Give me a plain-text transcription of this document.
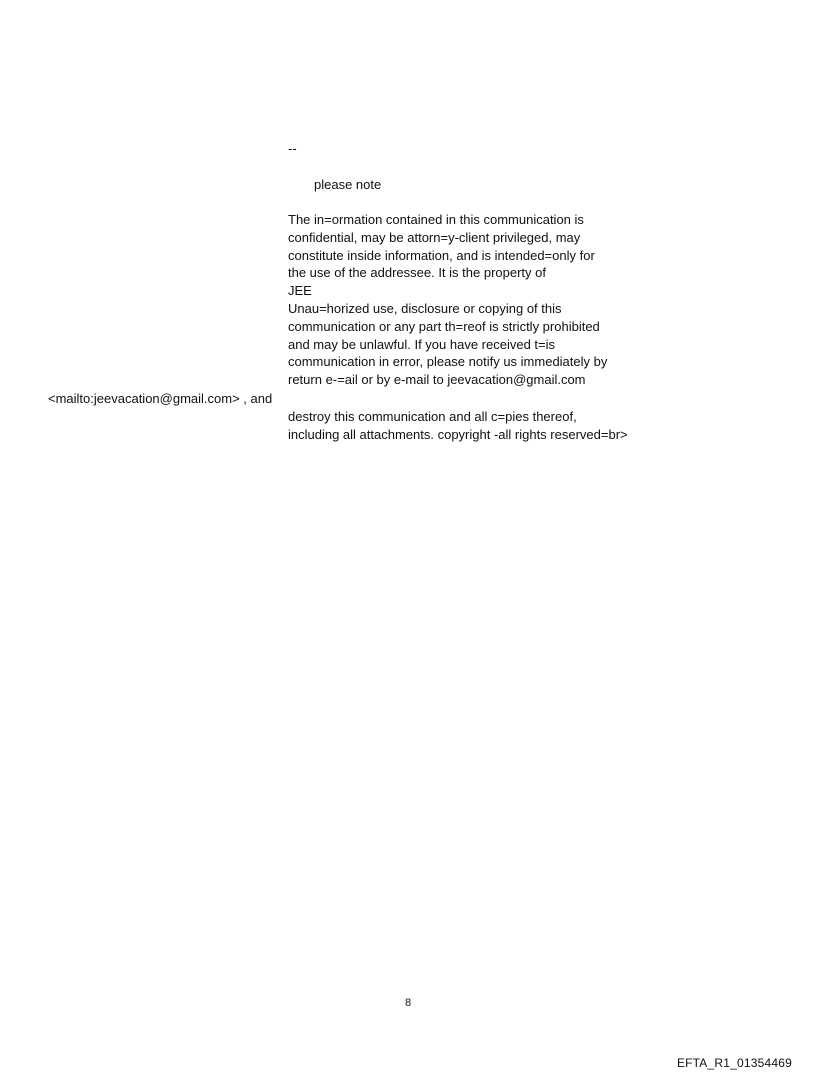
--
please note
The in=ormation contained in this communication is
confidential, may be attorn=y-client privileged, may
constitute inside information, and is intended=only for
the use of the addressee. It is the property of
JEE
Unau=horized use, disclosure or copying of this
communication or any part th=reof is strictly prohibited
and may be unlawful. If you have received t=is
communication in error, please notify us immediately by
return e-=ail or by e-mail to jeevacation@gmail.com
<mailto:jeevacation@gmail.com> , and
destroy this communication and all c=pies thereof,
including all attachments. copyright -all rights reserved=br>
8
EFTA_R1_01354469
